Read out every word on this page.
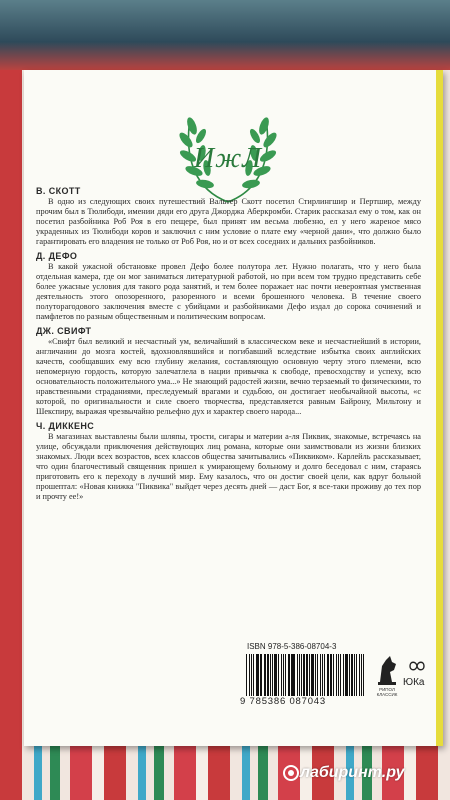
ИжЛ
В. СКОТТ

В одно из следующих своих путешествий Вальтер Скотт посетил Стирлингшир и Пертшир, между прочим был в Тюлибоди, имении дяди его друга Джорджа Аберкромби. Старик рассказал ему о том, как он посетил разбойника Роб Роя в его пещере, был принят им весьма любезно, ел у него жареное мясо украденных из Тюлибоди коров и заключил с ним условие о плате ему «черной дани», что должно было гарантировать его владения не только от Роб Роя, но и от всех соседних и дальних разбойников.

Д. ДЕФО

В какой ужасной обстановке провел Дефо более полутора лет. Нужно полагать, что у него была отдельная камера, где он мог заниматься литературной работой, но при всем том трудно представить себе более ужасные условия для такого рода занятий, и тем более поражает нас почти невероятная умственная деятельность этого опозоренного, разоренного и всеми брошенного человека. В течение своего полуторагодового заключения вместе с убийцами и разбойниками Дефо издал до сорока сочинений и памфлетов по разным общественным и политическим вопросам.

ДЖ. СВИФТ

«Свифт был великий и несчастный ум, величайший в классическом веке и несчастнейший в истории, англичанин до мозга костей, вдохновлявшийся и погибавший вследствие избытка своих английских качеств, сообщавших ему всю глубину желания, составляющую основную черту этого племени, всю непомерную гордость, которую залечатлела в нации привычка к свободе, превосходству и успеху, всю основательность положительного ума...» Не знающий радостей жизни, вечно терзаемый то физическими, то нравственными страданиями, преследуемый врагами и судьбою, он достигает необычайной высоты, «с которой, по оригинальности и силе своего творчества, представляется равным Байрону, Мильтону и Шекспиру, выражая чрезвычайно рельефно дух и характер своего народа...

Ч. ДИККЕНС

В магазинах выставлены были шляпы, трости, сигары и материи а-ля Пиквик, знакомые, встречаясь на улице, обсуждали приключения действующих лиц романа, которые они заимствовали из жизни близких знакомых. Люди всех возрастов, всех классов общества зачитывались «Пиквиком». Карлейль рассказывает, что один благочестивый священник пришел к умирающему больному и долго беседовал с ним, стараясь приготовить его к переходу в лучший мир. Ему казалось, что он достиг своей цели, как вдруг больной прошептал: «Новая книжка "Пиквика" выйдет через десять дней — даст Бог, я все-таки проживу до тех пор и прочту ее!»

ISBN 978-5-386-08704-3
9 785386 087043
РИПОЛ КЛАССИК
ЮКа
лабиринт.ру
